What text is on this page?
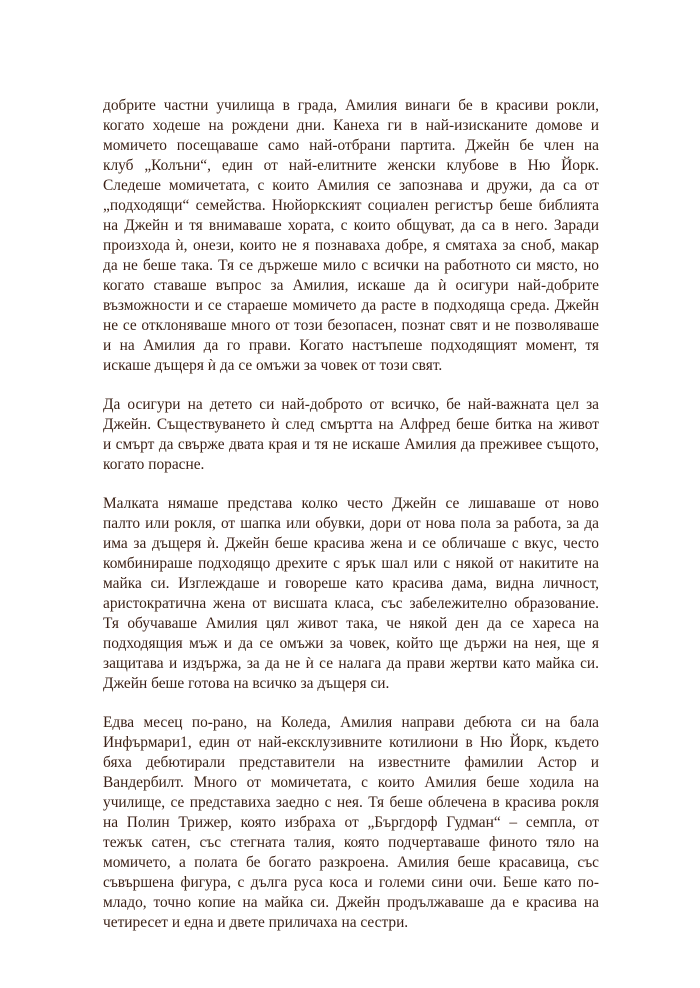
добрите частни училища в града, Амилия винаги бе в красиви рокли,
когато ходеше на рождени дни. Канеха ги в най-изисканите домове и
момичето посещаваше само най-отбрани партита. Джейн бе член на
клуб „Колъни“, един от най-елитните женски клубове в Ню Йорк.
Следеше момичетата, с които Амилия се запознава и дружи, да са от
„подходящи“ семейства. Нюйоркският социален регистър беше библията
на Джейн и тя внимаваше хората, с които общуват, да са в него. Заради
произхода ѝ, онези, които не я познаваха добре, я смятаха за сноб, макар
да не беше така. Тя се държеше мило с всички на работното си място, но
когато ставаше въпрос за Амилия, искаше да ѝ осигури най-добрите
възможности и се стараеше момичето да расте в подходяща среда. Джейн
не се отклоняваше много от този безопасен, познат свят и не позволяваше
и на Амилия да го прави. Когато настъпеше подходящият момент, тя
искаше дъщеря ѝ да се омъжи за човек от този свят.

Да осигури на детето си най-доброто от всичко, бе най-важната цел за
Джейн. Съществуването ѝ след смъртта на Алфред беше битка на живот
и смърт да свърже двата края и тя не искаше Амилия да преживее същото,
когато порасне.

Малката нямаше представа колко често Джейн се лишаваше от ново
палто или рокля, от шапка или обувки, дори от нова пола за работа, за да
има за дъщеря ѝ. Джейн беше красива жена и се обличаше с вкус, често
комбинираше подходящо дрехите с ярък шал или с някой от накитите на
майка си. Изглеждаше и говореше като красива дама, видна личност,
аристократична жена от висшата класа, със забележително образование.
Тя обучаваше Амилия цял живот така, че някой ден да се хареса на
подходящия мъж и да се омъжи за човек, който ще държи на нея, ще я
защитава и издържа, за да не ѝ се налага да прави жертви като майка си.
Джейн беше готова на всичко за дъщеря си.

Едва месец по-рано, на Коледа, Амилия направи дебюта си на бала
Инфърмари1, един от най-ексклузивните котилиони в Ню Йорк, където
бяха дебютирали представители на известните фамилии Астор и
Вандербилт. Много от момичетата, с които Амилия беше ходила на
училище, се представиха заедно с нея. Тя беше облечена в красива рокля
на Полин Трижер, която избраха от „Бъргдорф Гудман“ – семпла, от
тежък сатен, със стегната талия, която подчертаваше финото тяло на
момичето, а полата бе богато разкроена. Амилия беше красавица, със
съвършена фигура, с дълга руса коса и големи сини очи. Беше като по-
младо, точно копие на майка си. Джейн продължаваше да е красива на
четиресет и една и двете приличаха на сестри.
